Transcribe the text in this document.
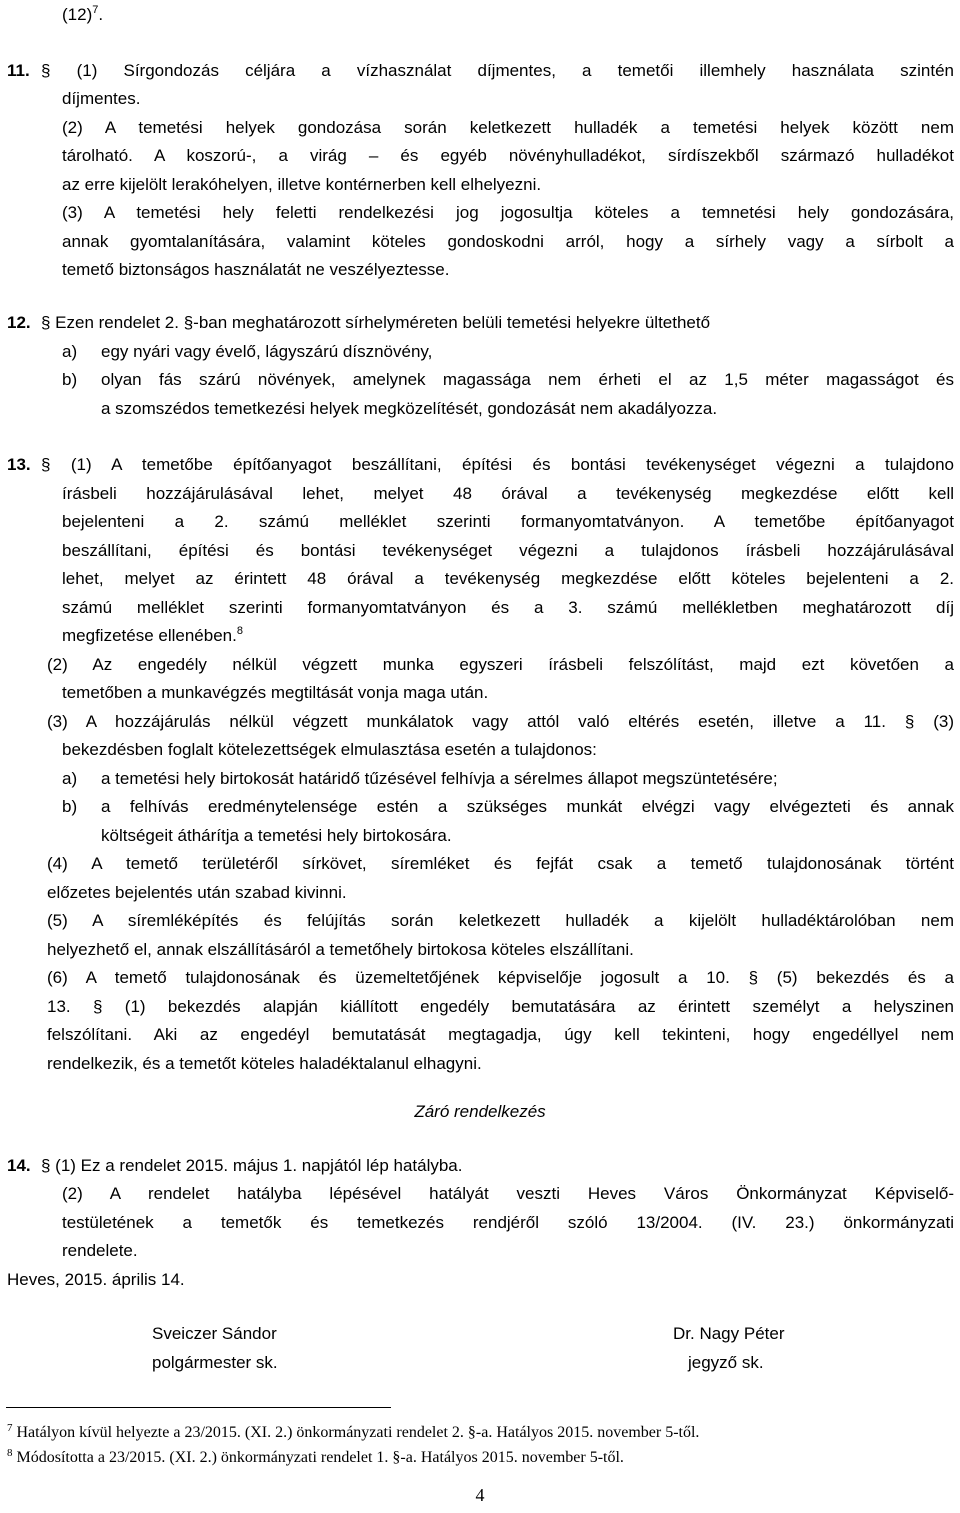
$(12)^7$.
11. § (1) Sírgondozás céljára a vízhasználat díjmentes, a temetői illemhely használata szintén
díjmentes.
(2) A temetési helyek gondozása során keletkezett hulladék a temetési helyek között nem
tárolható. A koszorú-, a virág – és egyéb növényhulladékot, sírdíszekből származó hulladékot
az erre kijelölt lerakóhelyen, illetve kontérnerben kell elhelyezni.
(3) A temetési hely feletti rendelkezési jog jogosultja köteles a temnetési hely gondozására,
annak gyomtalanítására, valamint köteles gondoskodni arról, hogy a sírhely vagy a sírbolt a
temető biztonságos használatát ne veszélyeztesse.
12. § Ezen rendelet 2. §-ban meghatározott sírhelyméreten belüli temetési helyekre ültethető
a) egy nyári vagy évelő, lágyszárú dísznövény,
b) olyan fás szárú növények, amelynek magassága nem érheti el az 1,5 méter magasságot és
a szomszédos temetkezési helyek megközelítését, gondozását nem akadályozza.
13. § (1) A temetőbe építőanyagot beszállítani, építési és bontási tevékenységet végezni a tulajdono
írásbeli hozzájárulásával lehet, melyet 48 órával a tevékenység megkezdése előtt kell
bejelenteni a 2. számú melléklet szerinti formanyomtatványon. A temetőbe építőanyagot
beszállítani, építési és bontási tevékenységet végezni a tulajdonos írásbeli hozzájárulásával
lehet, melyet az érintett 48 órával a tevékenység megkezdése előtt köteles bejelenteni a 2.
számú melléklet szerinti formanyomtatványon és a 3. számú mellékletben meghatározott díj
megfizetése ellenében.$^8$
(2) Az engedély nélkül végzett munka egyszeri írásbeli felszólítást, majd ezt követően a
temetőben a munkavégzés megtiltását vonja maga után.
(3) A hozzájárulás nélkül végzett munkálatok vagy attól való eltérés esetén, illetve a 11. § (3)
bekezdésben foglalt kötelezettségek elmulasztása esetén a tulajdonos:
a) a temetési hely birtokosát határidő tűzésével felhívja a sérelmes állapot megszüntetésére;
b) a felhívás eredménytelensége estén a szükséges munkát elvégzi vagy elvégezteti és annak
költségeit áthárítja a temetési hely birtokosára.
(4) A temető területéről sírkövet, síremléket és fejfát csak a temető tulajdonosának történt
előzetes bejelentés után szabad kivinni.
(5) A síremléképítés és felújítás során keletkezett hulladék a kijelölt hulladéktárolóban nem
helyezhető el, annak elszállításáról a temetőhely birtokosa köteles elszállítani.
(6) A temető tulajdonosának és üzemeltetőjének képviselője jogosult a 10. § (5) bekezdés és a
13. § (1) bekezdés alapján kiállított engedély bemutatására az érintett személyt a helyszinen
felszólítani. Aki az engedéyl bemutatását megtagadja, úgy kell tekinteni, hogy engedéllyel nem
rendelkezik, és a temetőt köteles haladéktalanul elhagyni.
Záró rendelkezés
14. § (1) Ez a rendelet 2015. május 1. napjától lép hatályba.
(2) A rendelet hatályba lépésével hatályát veszti Heves Város Önkormányzat Képviselő-
testületének a temetők és temetkezés rendjéről szóló 13/2004. (IV. 23.) önkormányzati
rendelete.
Heves, 2015. április 14.
Sveiczer Sándor
polgármester sk.
Dr. Nagy Péter
jegyző sk.
$^7$ Hatályon kívül helyezte a 23/2015. (XI. 2.) önkormányzati rendelet 2. §-a. Hatályos 2015. november 5-től.
$^8$ Módosította a 23/2015. (XI. 2.) önkormányzati rendelet 1. §-a. Hatályos 2015. november 5-től.
4
